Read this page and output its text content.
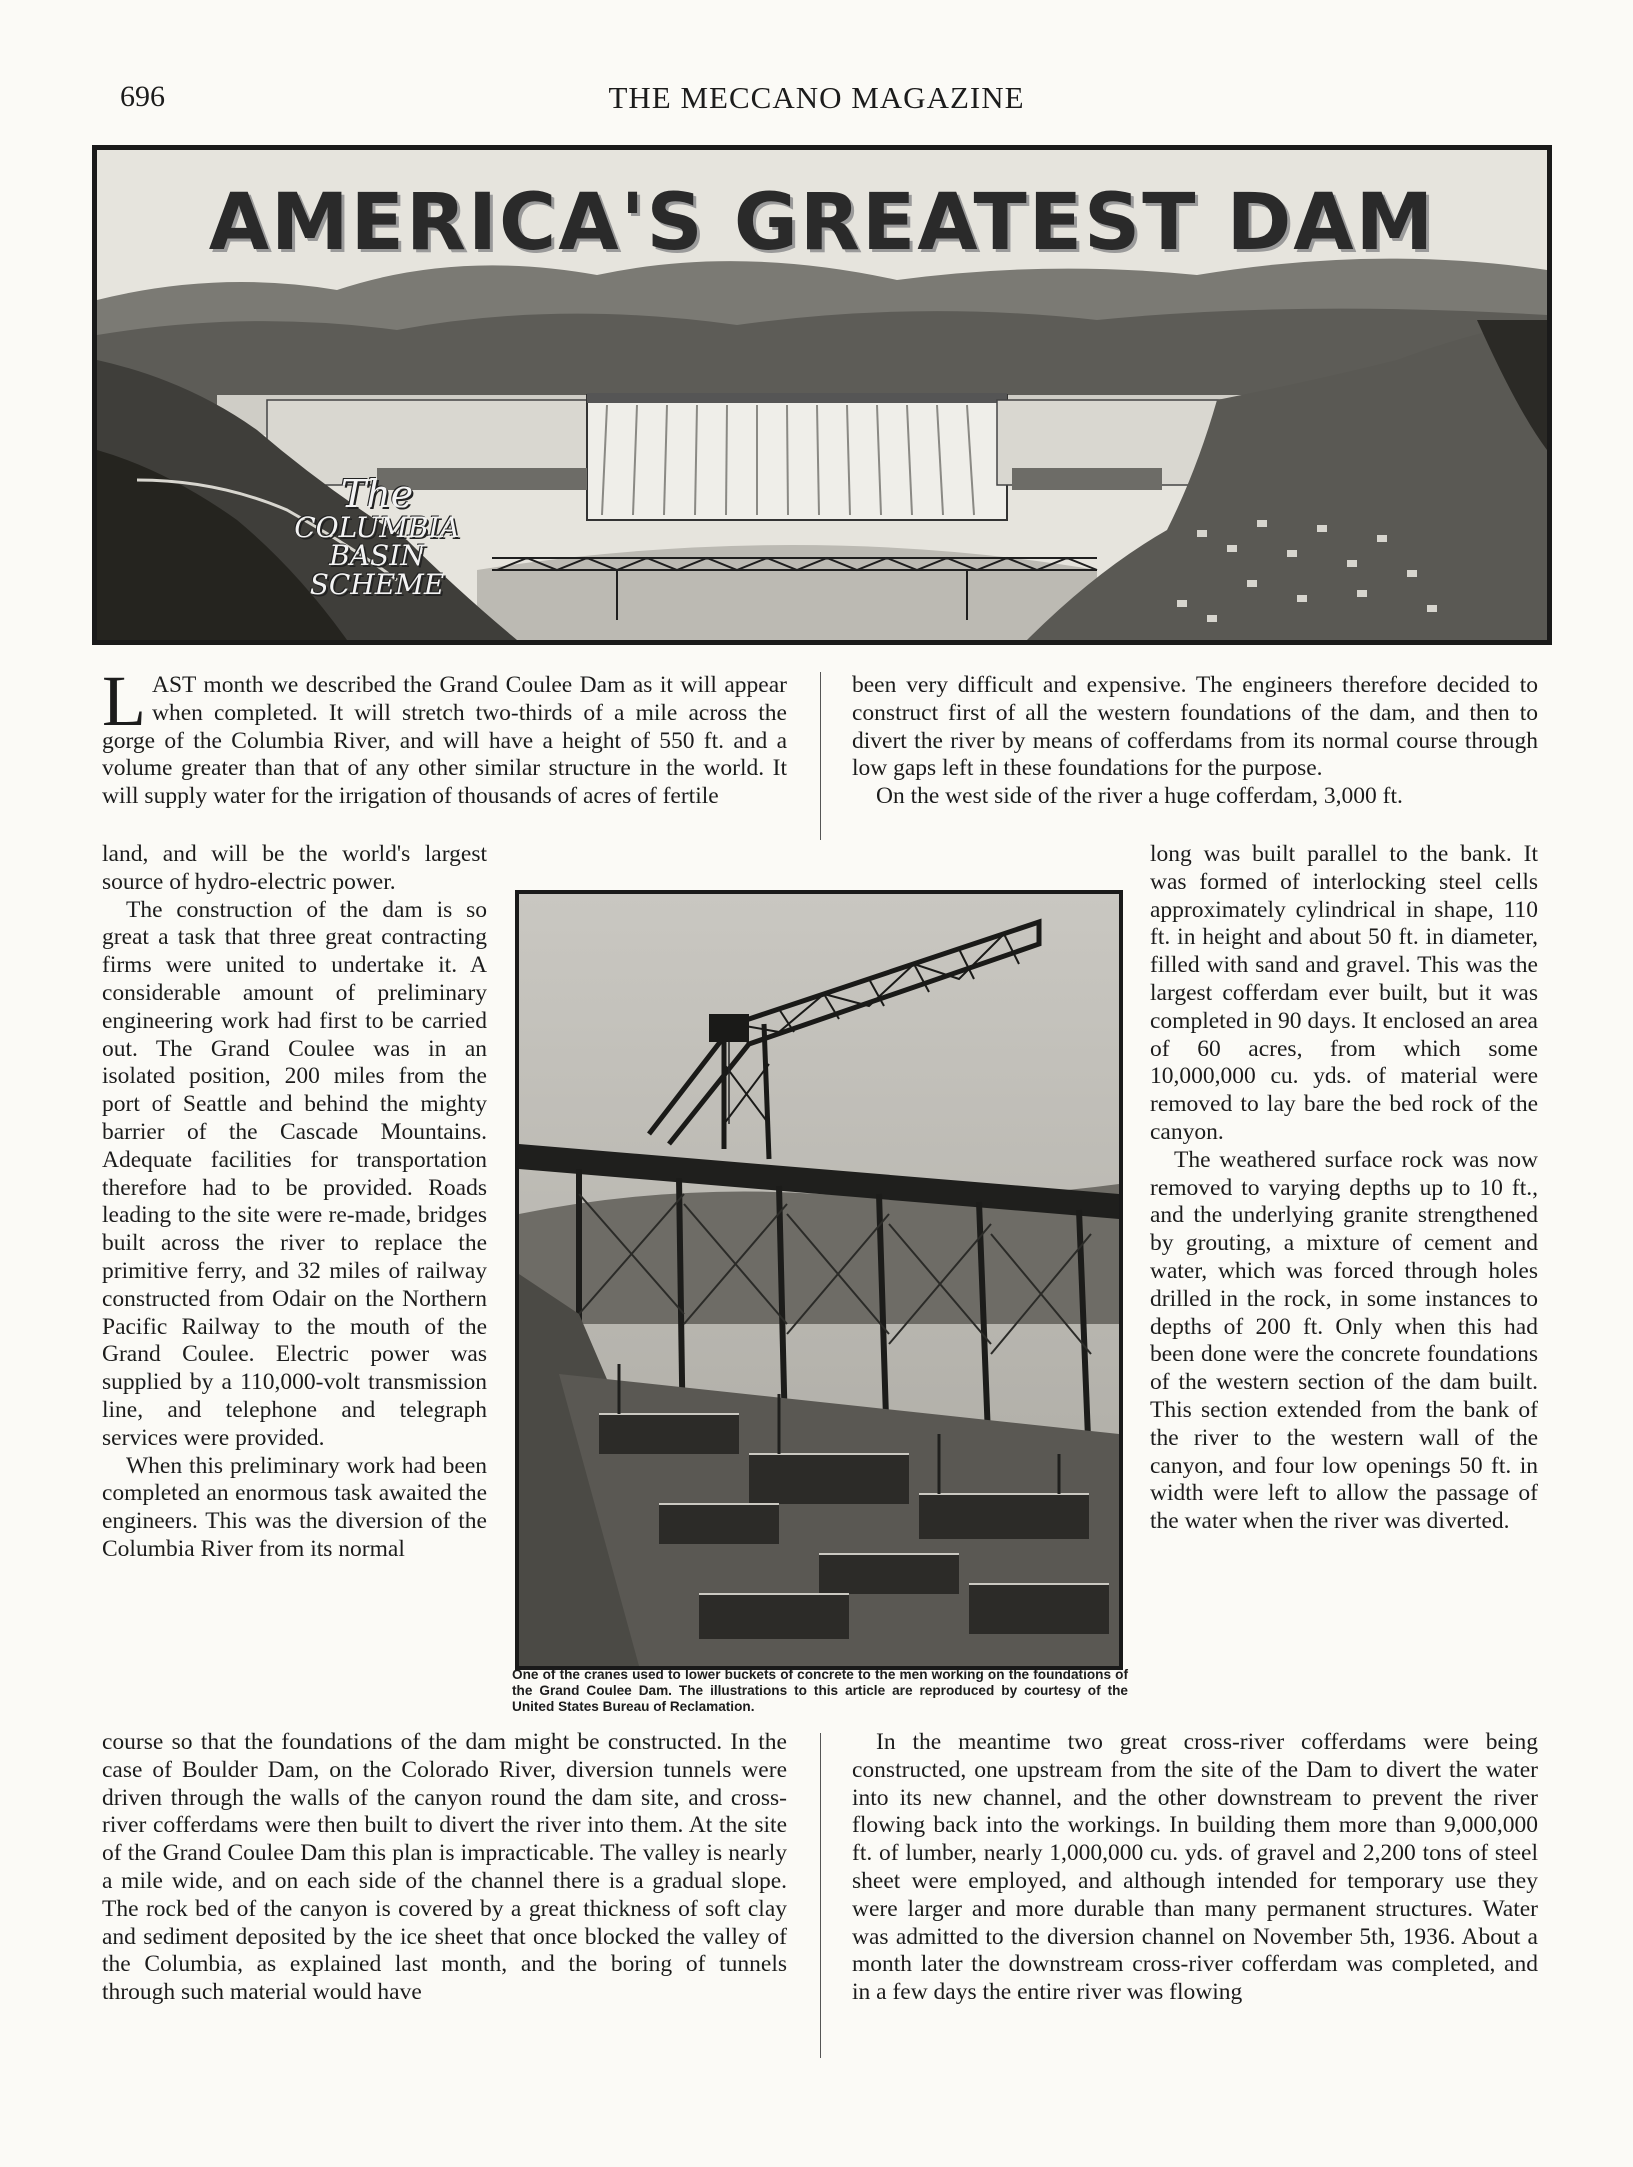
696	THE MECCANO MAGAZINE
AMERICA'S GREATEST DAM
The
COLUMBIA BASIN
SCHEME

LAST month we described the Grand Coulee Dam as it will appear when completed. It will stretch two-thirds of a mile across the gorge of the Columbia River, and will have a height of 550 ft. and a volume greater than that of any other similar structure in the world. It will supply water for the irrigation of thousands of acres of fertile

land, and will be the world's largest source of hydro-electric power.

The construction of the dam is so great a task that three great contracting firms were united to undertake it. A considerable amount of preliminary engineering work had first to be carried out. The Grand Coulee was in an isolated position, 200 miles from the port of Seattle and behind the mighty barrier of the Cascade Mountains. Adequate facilities for transportation therefore had to be provided. Roads leading to the site were re-made, bridges built across the river to replace the primitive ferry, and 32 miles of railway constructed from Odair on the Northern Pacific Railway to the mouth of the Grand Coulee. Electric power was supplied by a 110,000-volt transmission line, and telephone and telegraph services were provided.

When this preliminary work had been completed an enormous task awaited the engineers. This was the diversion of the Columbia River from its normal

course so that the foundations of the dam might be constructed. In the case of Boulder Dam, on the Colorado River, diversion tunnels were driven through the walls of the canyon round the dam site, and cross-river cofferdams were then built to divert the river into them. At the site of the Grand Coulee Dam this plan is impracticable. The valley is nearly a mile wide, and on each side of the channel there is a gradual slope. The rock bed of the canyon is covered by a great thickness of soft clay and sediment deposited by the ice sheet that once blocked the valley of the Columbia, as explained last month, and the boring of tunnels through such material would have

been very difficult and expensive. The engineers therefore decided to construct first of all the western foundations of the dam, and then to divert the river by means of cofferdams from its normal course through low gaps left in these foundations for the purpose.

On the west side of the river a huge cofferdam, 3,000 ft.

long was built parallel to the bank. It was formed of interlocking steel cells approximately cylindrical in shape, 110 ft. in height and about 50 ft. in diameter, filled with sand and gravel. This was the largest cofferdam ever built, but it was completed in 90 days. It enclosed an area of 60 acres, from which some 10,000,000 cu. yds. of material were removed to lay bare the bed rock of the canyon.

The weathered surface rock was now removed to varying depths up to 10 ft., and the underlying granite strengthened by grouting, a mixture of cement and water, which was forced through holes drilled in the rock, in some instances to depths of 200 ft. Only when this had been done were the concrete foundations of the western section of the dam built. This section extended from the bank of the river to the western wall of the canyon, and four low openings 50 ft. in width were left to allow the passage of the water when the river was diverted.

In the meantime two great cross-river cofferdams were being constructed, one upstream from the site of the Dam to divert the water into its new channel, and the other downstream to prevent the river flowing back into the workings. In building them more than 9,000,000 ft. of lumber, nearly 1,000,000 cu. yds. of gravel and 2,200 tons of steel sheet were employed, and although intended for temporary use they were larger and more durable than many permanent structures. Water was admitted to the diversion channel on November 5th, 1936. About a month later the downstream cross-river cofferdam was completed, and in a few days the entire river was flowing

One of the cranes used to lower buckets of concrete to the men working on the foundations of the Grand Coulee Dam. The illustrations to this article are reproduced by courtesy of the United States Bureau of Reclamation.
